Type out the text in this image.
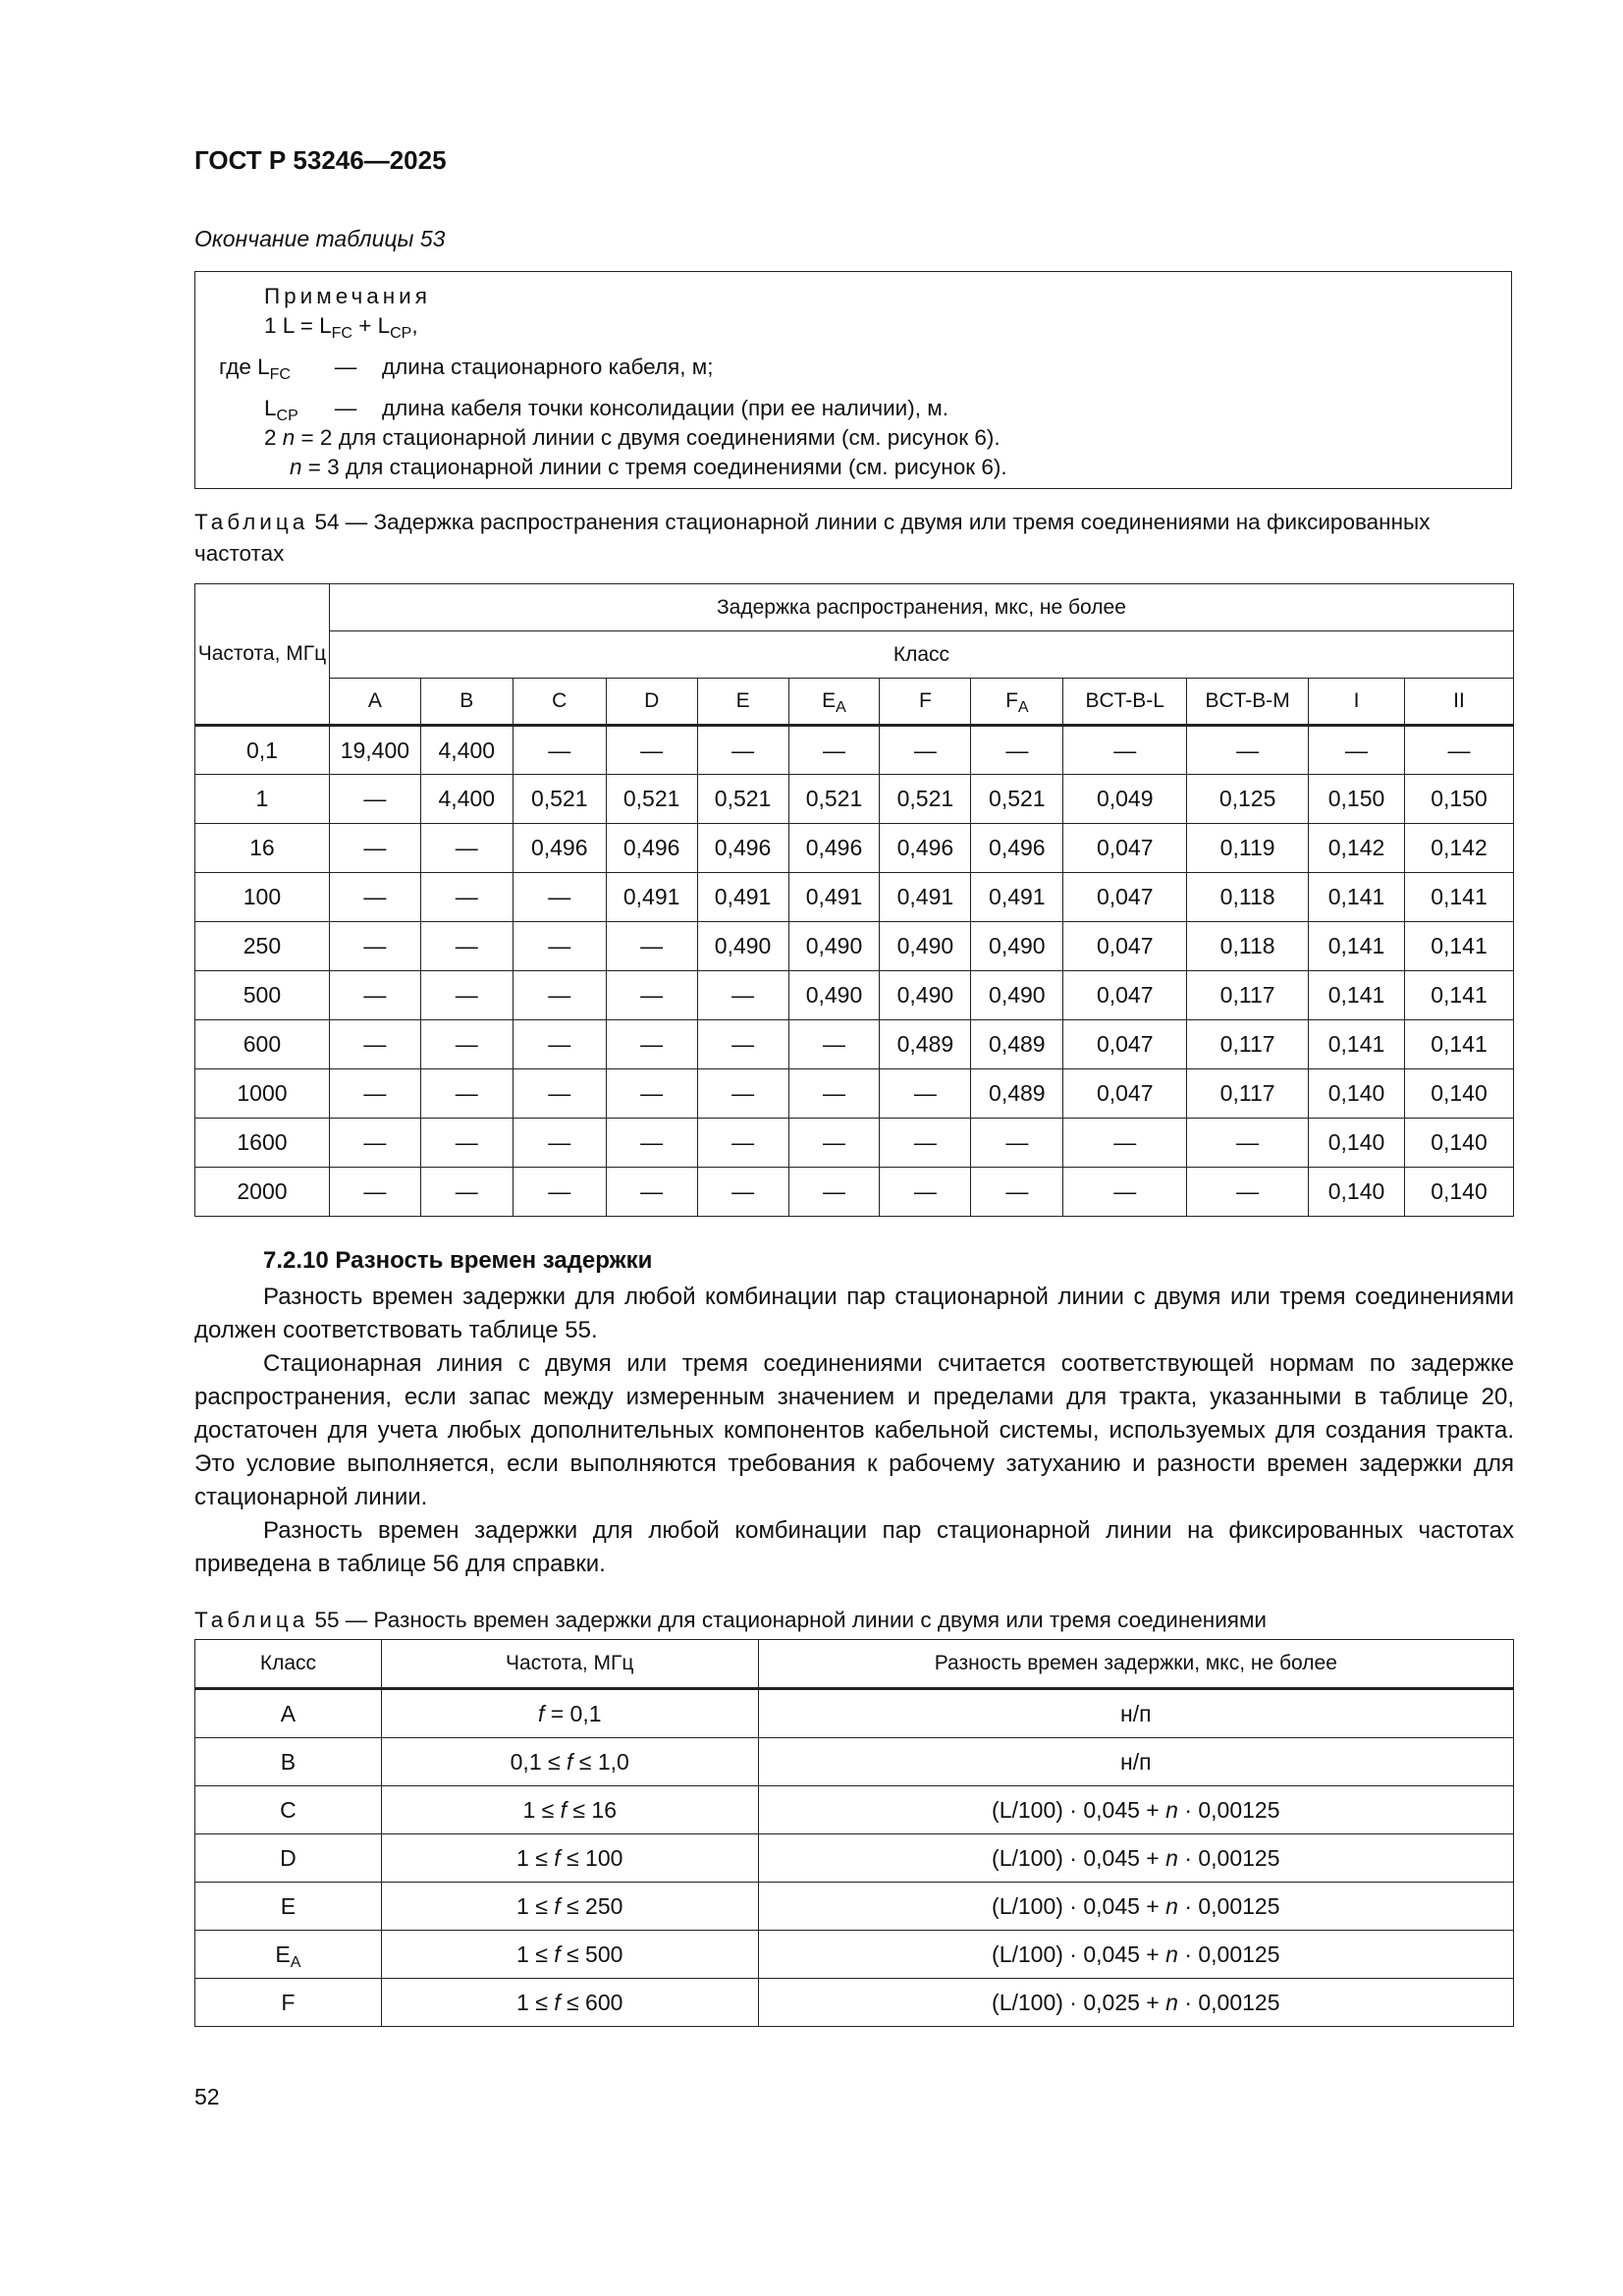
ГОСТ Р 53246—2025
Окончание таблицы 53
Примечания
1 $L = L_{FC} + L_{CP}$,
где $L_{FC}$	—	длина стационарного кабеля, м;
$L_{CP}$	—	длина кабеля точки консолидации (при ее наличии), м.
2 n = 2 для стационарной линии с двумя соединениями (см. рисунок 6).
n = 3 для стационарной линии с тремя соединениями (см. рисунок 6).
Таблица 54 — Задержка распространения стационарной линии с двумя или тремя соединениями на фиксированных частотах
Частота, МГц	Задержка распространения, мкс, не более											
	Класс											
	A	B	C	D	E	$E_A$	F	$F_A$	BCT-B-L	BCT-B-M	I	II
0,1	19,400	4,400	—	—	—	—	—	—	—	—	—	—
1	—	4,400	0,521	0,521	0,521	0,521	0,521	0,521	0,049	0,125	0,150	0,150
16	—	—	0,496	0,496	0,496	0,496	0,496	0,496	0,047	0,119	0,142	0,142
100	—	—	—	0,491	0,491	0,491	0,491	0,491	0,047	0,118	0,141	0,141
250	—	—	—	—	0,490	0,490	0,490	0,490	0,047	0,118	0,141	0,141
500	—	—	—	—	—	0,490	0,490	0,490	0,047	0,117	0,141	0,141
600	—	—	—	—	—	—	0,489	0,489	0,047	0,117	0,141	0,141
1000	—	—	—	—	—	—	—	0,489	0,047	0,117	0,140	0,140
1600	—	—	—	—	—	—	—	—	—	—	0,140	0,140
2000	—	—	—	—	—	—	—	—	—	—	0,140	0,140
7.2.10 Разность времен задержки
Разность времен задержки для любой комбинации пар стационарной линии с двумя или тремя соединениями должен соответствовать таблице 55.
Стационарная линия с двумя или тремя соединениями считается соответствующей нормам по задержке распространения, если запас между измеренным значением и пределами для тракта, указанными в таблице 20, достаточен для учета любых дополнительных компонентов кабельной системы, используемых для создания тракта. Это условие выполняется, если выполняются требования к рабочему затуханию и разности времен задержки для стационарной линии.
Разность времен задержки для любой комбинации пар стационарной линии на фиксированных частотах приведена в таблице 56 для справки.
Таблица 55 — Разность времен задержки для стационарной линии с двумя или тремя соединениями
Класс	Частота, МГц	Разность времен задержки, мкс, не более
A	f = 0,1	н/п
B	0,1 ≤ f ≤ 1,0	н/п
C	1 ≤ f ≤ 16	(L/100) · 0,045 + n · 0,00125
D	1 ≤ f ≤ 100	(L/100) · 0,045 + n · 0,00125
E	1 ≤ f ≤ 250	(L/100) · 0,045 + n · 0,00125
$E_A$	1 ≤ f ≤ 500	(L/100) · 0,045 + n · 0,00125
F	1 ≤ f ≤ 600	(L/100) · 0,025 + n · 0,00125
52
